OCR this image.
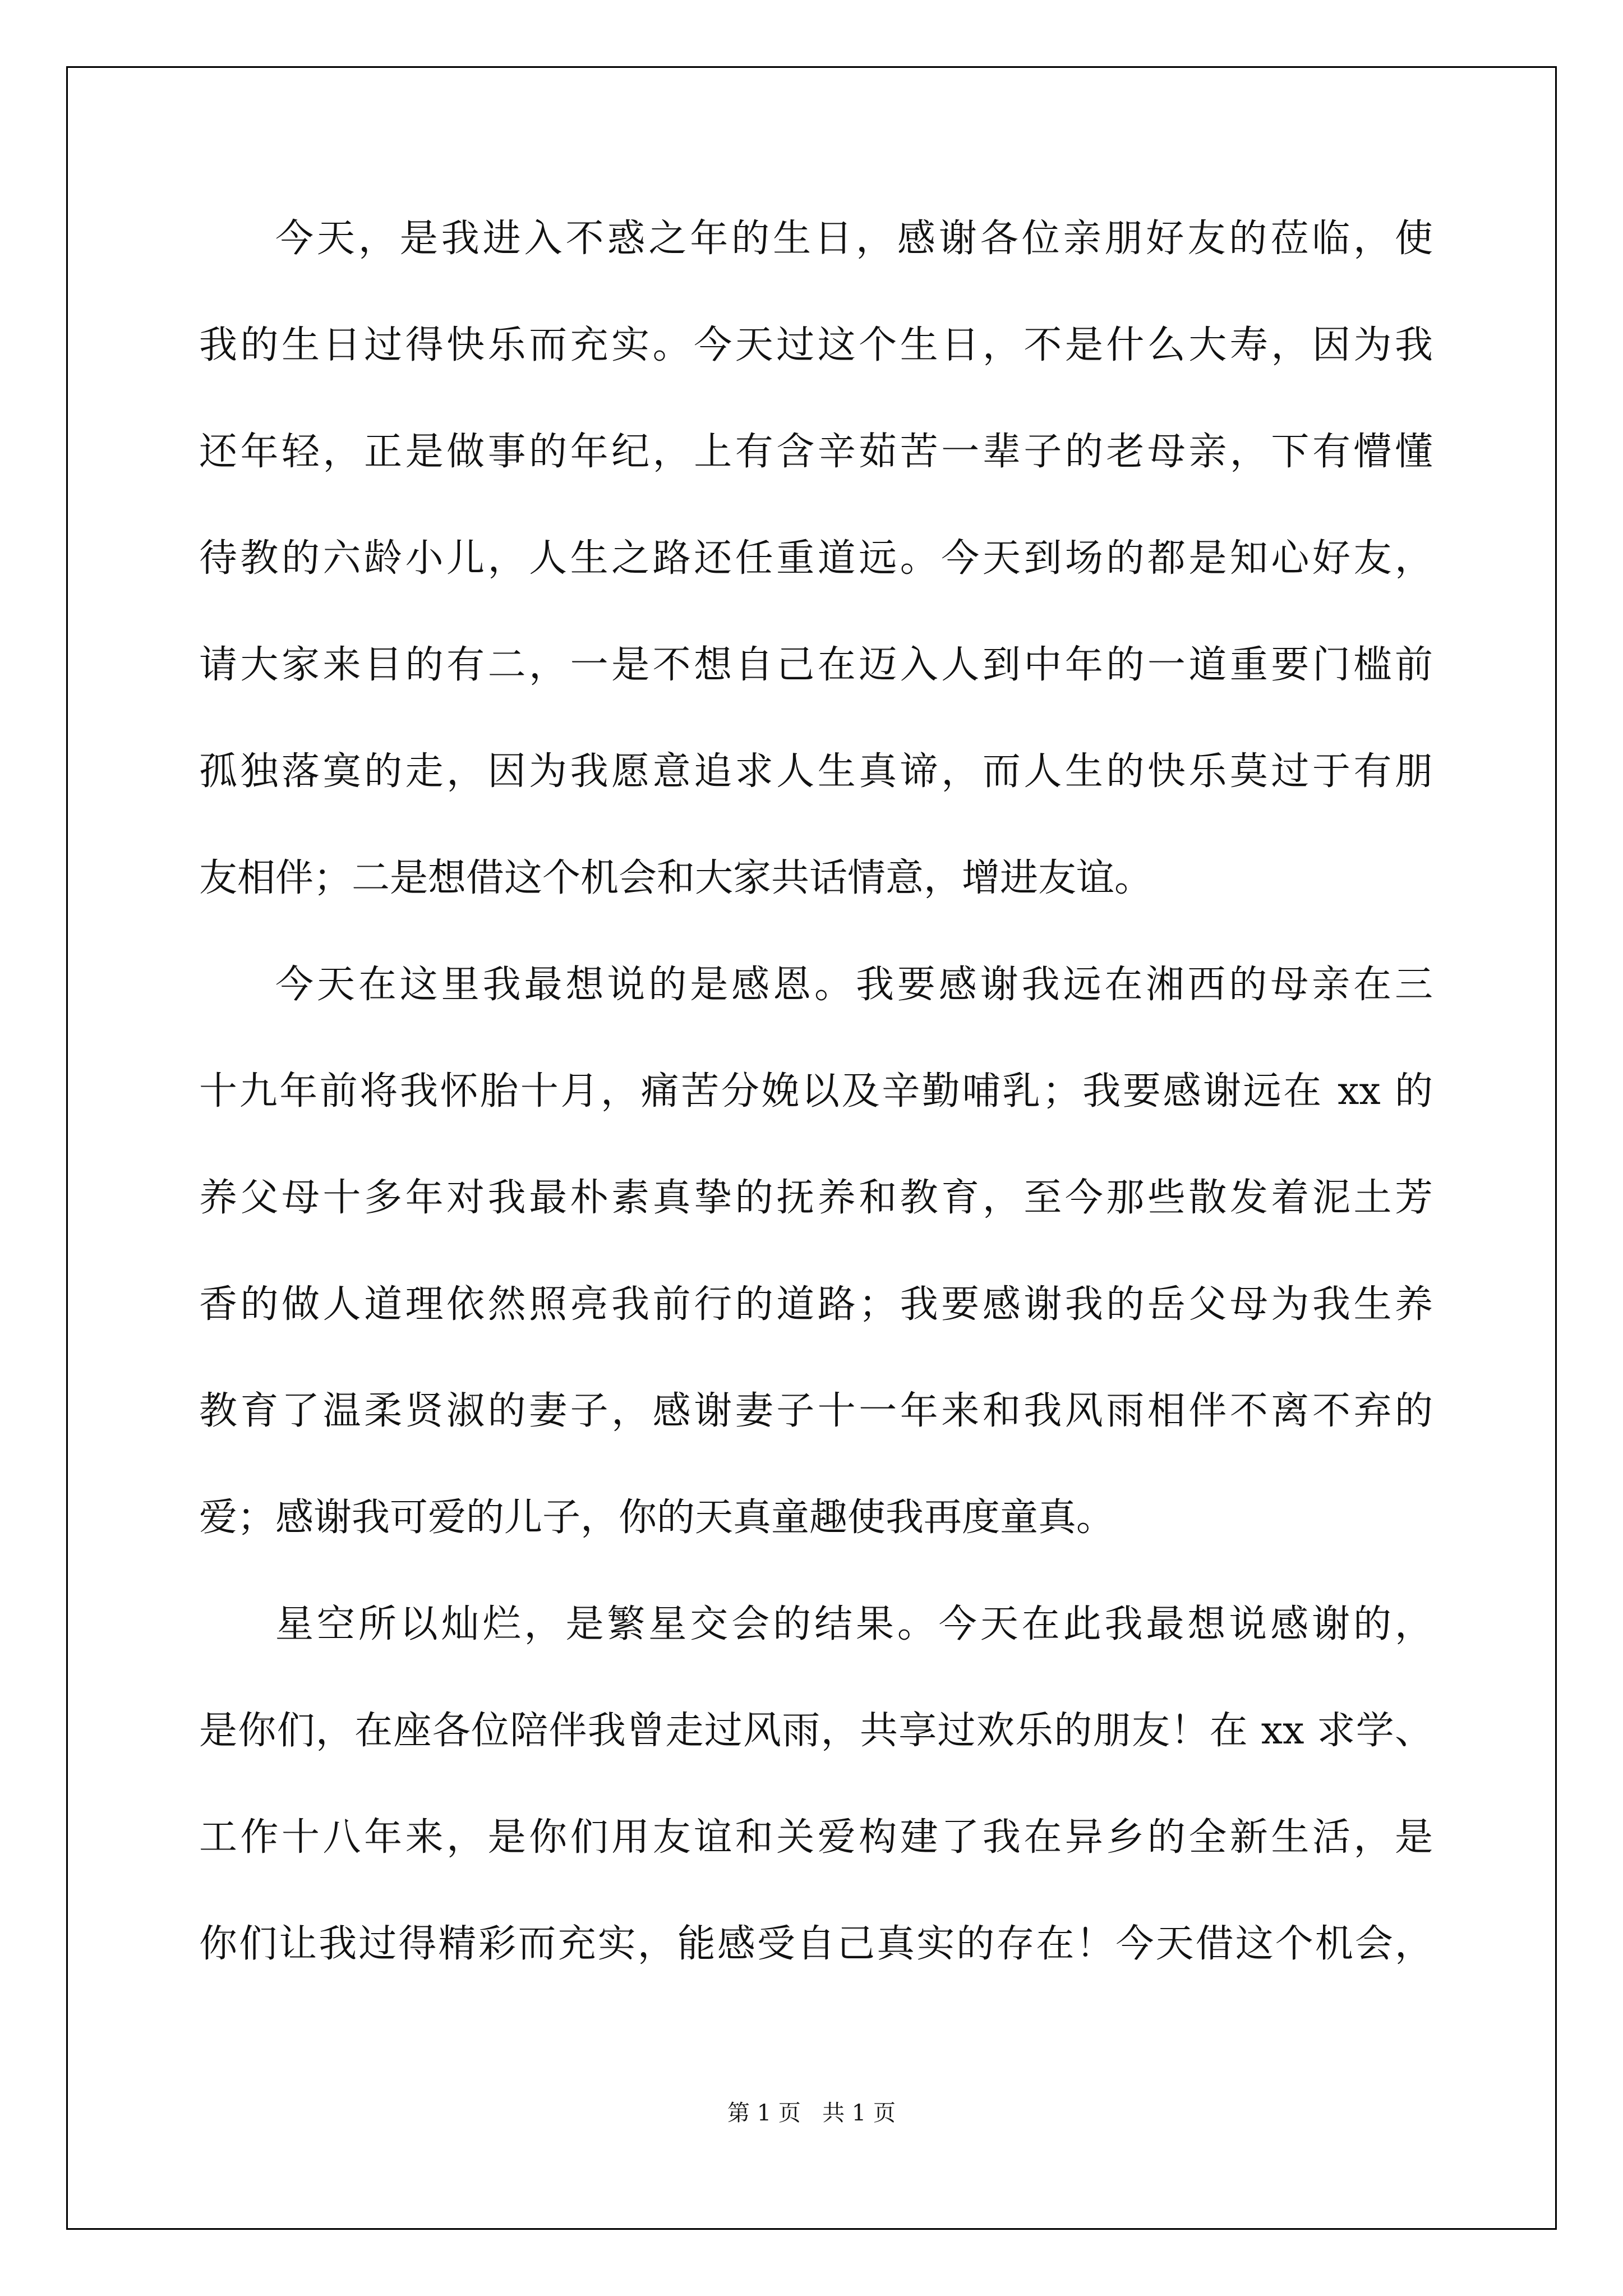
今天，是我进入不惑之年的生日，感谢各位亲朋好友的莅临，使
我的生日过得快乐而充实。今天过这个生日，不是什么大寿，因为我
还年轻，正是做事的年纪，上有含辛茹苦一辈子的老母亲，下有懵懂
待教的六龄小儿，人生之路还任重道远。今天到场的都是知心好友，
请大家来目的有二，一是不想自己在迈入人到中年的一道重要门槛前
孤独落寞的走，因为我愿意追求人生真谛，而人生的快乐莫过于有朋
友相伴；二是想借这个机会和大家共话情意，增进友谊。
今天在这里我最想说的是感恩。我要感谢我远在湘西的母亲在三
十九年前将我怀胎十月，痛苦分娩以及辛勤哺乳；我要感谢远在 xx 的
养父母十多年对我最朴素真挚的抚养和教育，至今那些散发着泥土芳
香的做人道理依然照亮我前行的道路；我要感谢我的岳父母为我生养
教育了温柔贤淑的妻子，感谢妻子十一年来和我风雨相伴不离不弃的
爱；感谢我可爱的儿子，你的天真童趣使我再度童真。
星空所以灿烂，是繁星交会的结果。今天在此我最想说感谢的，
是你们，在座各位陪伴我曾走过风雨，共享过欢乐的朋友！在 xx 求学、
工作十八年来，是你们用友谊和关爱构建了我在异乡的全新生活，是
你们让我过得精彩而充实，能感受自己真实的存在！今天借这个机会，
第 1 页   共 1 页
